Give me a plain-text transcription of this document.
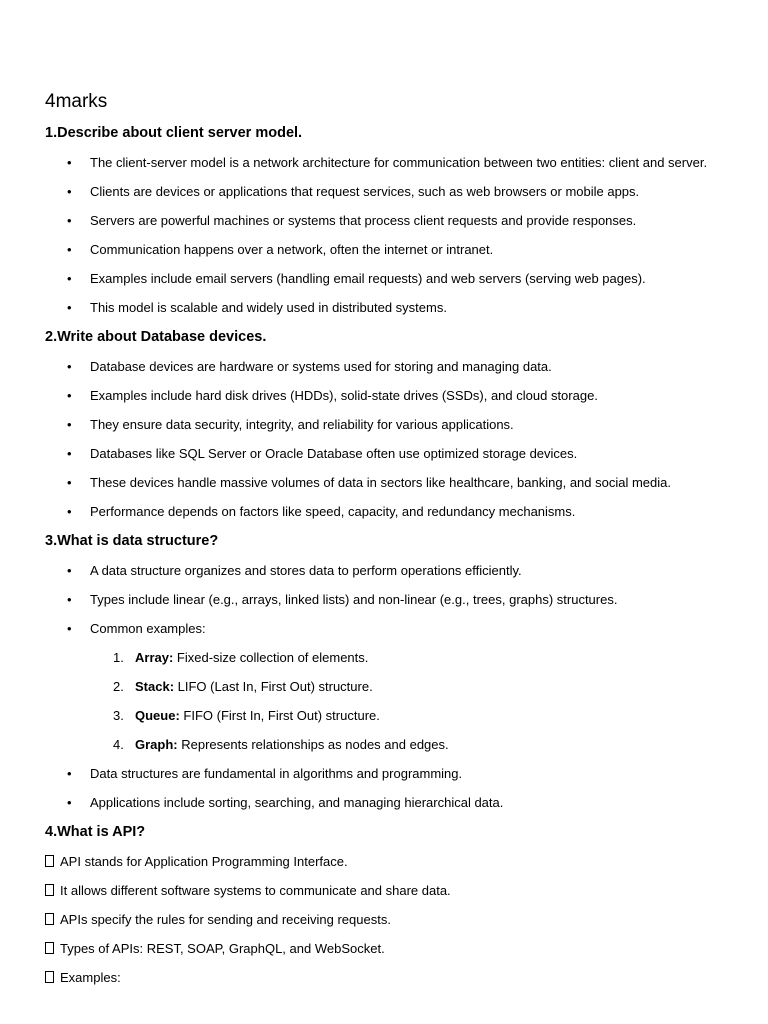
4marks
1.Describe about client server model.
• The client-server model is a network architecture for communication between two entities: client and server.
• Clients are devices or applications that request services, such as web browsers or mobile apps.
• Servers are powerful machines or systems that process client requests and provide responses.
• Communication happens over a network, often the internet or intranet.
• Examples include email servers (handling email requests) and web servers (serving web pages).
• This model is scalable and widely used in distributed systems.
2.Write about Database devices.
• Database devices are hardware or systems used for storing and managing data.
• Examples include hard disk drives (HDDs), solid-state drives (SSDs), and cloud storage.
• They ensure data security, integrity, and reliability for various applications.
• Databases like SQL Server or Oracle Database often use optimized storage devices.
• These devices handle massive volumes of data in sectors like healthcare, banking, and social media.
• Performance depends on factors like speed, capacity, and redundancy mechanisms.
3.What is data structure?
• A data structure organizes and stores data to perform operations efficiently.
• Types include linear (e.g., arrays, linked lists) and non-linear (e.g., trees, graphs) structures.
• Common examples:
1. Array: Fixed-size collection of elements.
2. Stack: LIFO (Last In, First Out) structure.
3. Queue: FIFO (First In, First Out) structure.
4. Graph: Represents relationships as nodes and edges.
• Data structures are fundamental in algorithms and programming.
• Applications include sorting, searching, and managing hierarchical data.
4.What is API?
API stands for Application Programming Interface.
It allows different software systems to communicate and share data.
APIs specify the rules for sending and receiving requests.
Types of APIs: REST, SOAP, GraphQL, and WebSocket.
Examples:
